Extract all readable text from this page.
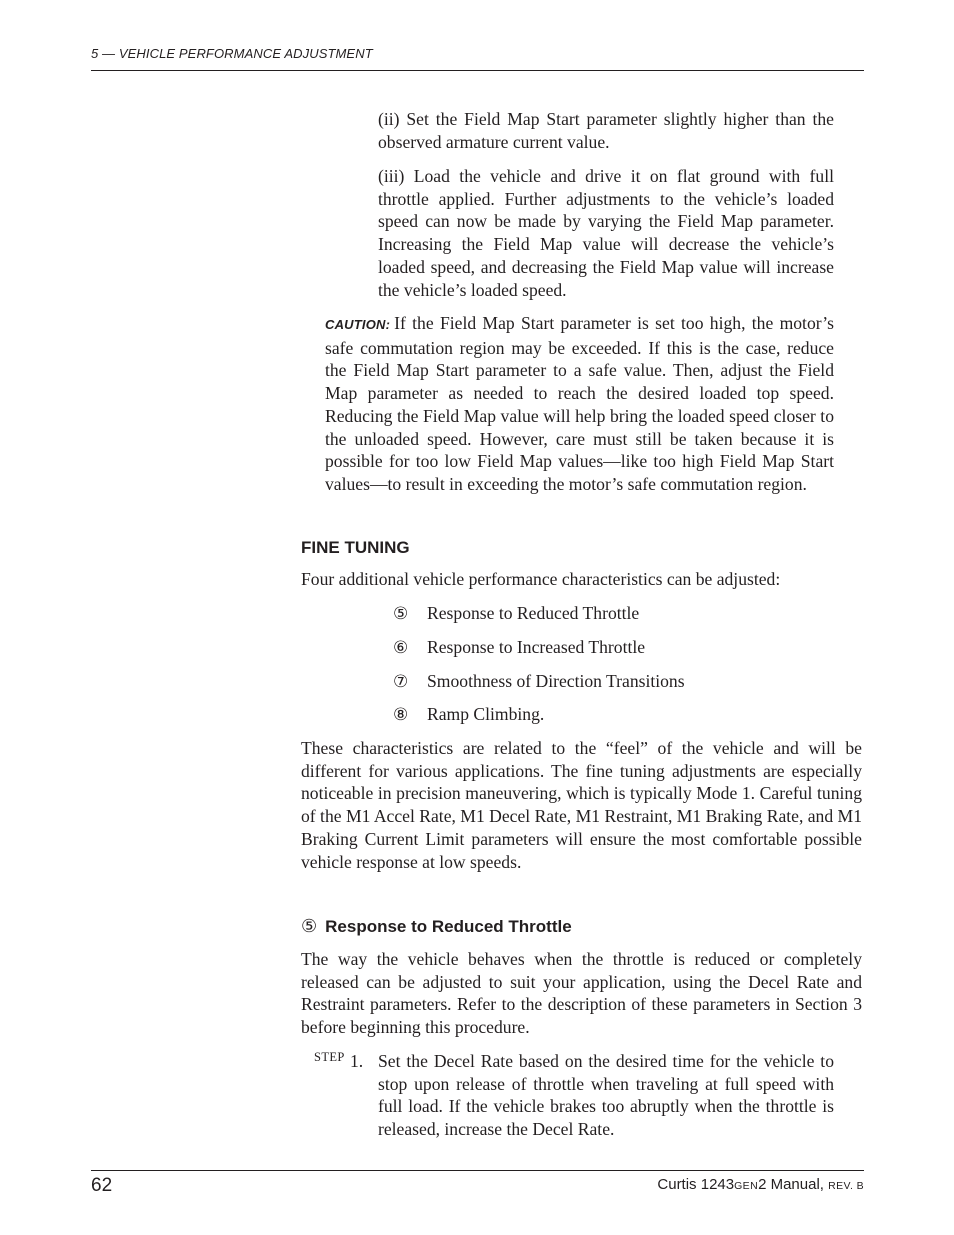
5 — VEHICLE PERFORMANCE ADJUSTMENT
(ii) Set the Field Map Start parameter slightly higher than the observed armature current value.
(iii) Load the vehicle and drive it on flat ground with full throttle applied. Further adjustments to the vehicle’s loaded speed can now be made by varying the Field Map parameter. Increasing the Field Map value will decrease the vehicle’s loaded speed, and decreasing the Field Map value will increase the vehicle’s loaded speed.
CAUTION: If the Field Map Start parameter is set too high, the motor’s safe commutation region may be exceeded. If this is the case, reduce the Field Map Start parameter to a safe value. Then, adjust the Field Map parameter as needed to reach the desired loaded top speed. Reducing the Field Map value will help bring the loaded speed closer to the unloaded speed. However, care must still be taken because it is possible for too low Field Map values—like too high Field Map Start values—to result in exceeding the motor’s safe commutation region.
FINE TUNING
Four additional vehicle performance characteristics can be adjusted:
⑤ Response to Reduced Throttle
⑥ Response to Increased Throttle
⑦ Smoothness of Direction Transitions
⑧ Ramp Climbing.
These characteristics are related to the “feel” of the vehicle and will be different for various applications. The fine tuning adjustments are especially noticeable in precision maneuvering, which is typically Mode 1. Careful tuning of the M1 Accel Rate, M1 Decel Rate, M1 Restraint, M1 Braking Rate, and M1 Braking Current Limit parameters will ensure the most comfortable possible vehicle response at low speeds.
⑤ Response to Reduced Throttle
The way the vehicle behaves when the throttle is reduced or completely released can be adjusted to suit your application, using the Decel Rate and Restraint parameters. Refer to the description of these parameters in Section 3 before beginning this procedure.
STEP 1. Set the Decel Rate based on the desired time for the vehicle to stop upon release of throttle when traveling at full speed with full load. If the vehicle brakes too abruptly when the throttle is released, increase the Decel Rate.
62	Curtis 1243GEN2 Manual, REV. B
